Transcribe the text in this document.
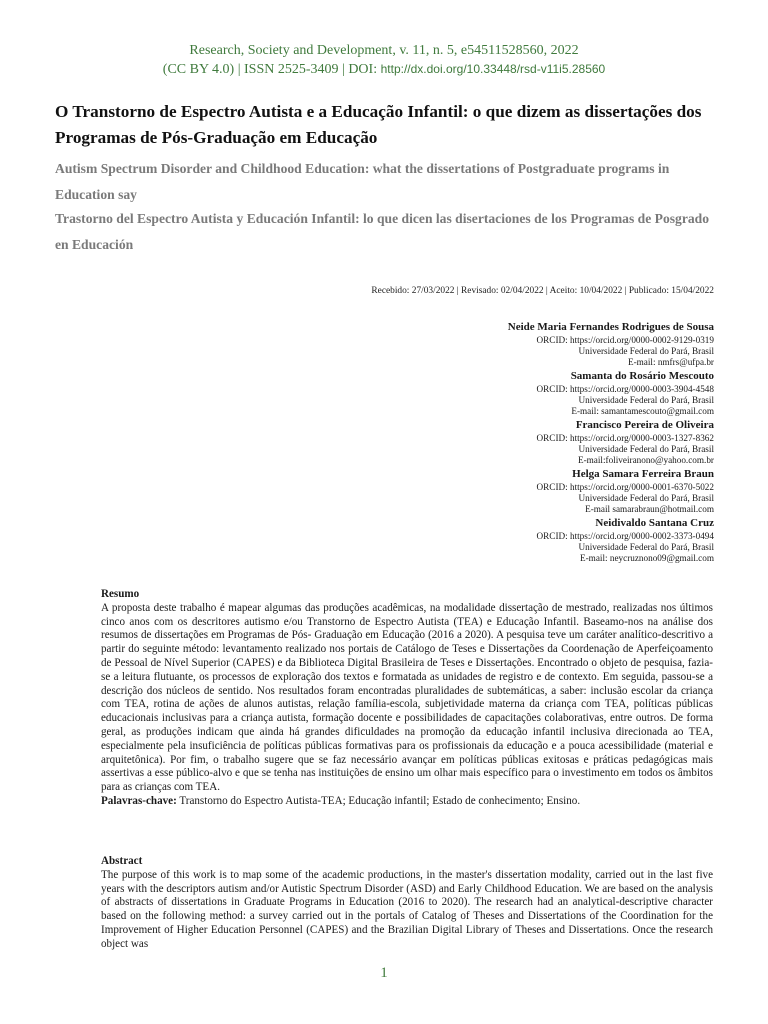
Research, Society and Development, v. 11, n. 5, e54511528560, 2022
(CC BY 4.0) | ISSN 2525-3409 | DOI: http://dx.doi.org/10.33448/rsd-v11i5.28560
O Transtorno de Espectro Autista e a Educação Infantil: o que dizem as dissertações dos Programas de Pós-Graduação em Educação
Autism Spectrum Disorder and Childhood Education: what the dissertations of Postgraduate programs in Education say
Trastorno del Espectro Autista y Educación Infantil: lo que dicen las disertaciones de los Programas de Posgrado en Educación
Recebido: 27/03/2022 | Revisado: 02/04/2022 | Aceito: 10/04/2022 | Publicado: 15/04/2022
Neide Maria Fernandes Rodrigues de Sousa
ORCID: https://orcid.org/0000-0002-9129-0319
Universidade Federal do Pará, Brasil
E-mail: nmfrs@ufpa.br
Samanta do Rosário Mescouto
ORCID: https://orcid.org/0000-0003-3904-4548
Universidade Federal do Pará, Brasil
E-mail: samantamescouto@gmail.com
Francisco Pereira de Oliveira
ORCID: https://orcid.org/0000-0003-1327-8362
Universidade Federal do Pará, Brasil
E-mail:foliveiranono@yahoo.com.br
Helga Samara Ferreira Braun
ORCID: https://orcid.org/0000-0001-6370-5022
Universidade Federal do Pará, Brasil
E-mail samarabraun@hotmail.com
Neidivaldo Santana Cruz
ORCID: https://orcid.org/0000-0002-3373-0494
Universidade Federal do Pará, Brasil
E-mail: neycruznono09@gmail.com
Resumo
A proposta deste trabalho é mapear algumas das produções acadêmicas, na modalidade dissertação de mestrado, realizadas nos últimos cinco anos com os descritores autismo e/ou Transtorno de Espectro Autista (TEA) e Educação Infantil. Baseamo-nos na análise dos resumos de dissertações em Programas de Pós- Graduação em Educação (2016 a 2020). A pesquisa teve um caráter analítico-descritivo a partir do seguinte método: levantamento realizado nos portais de Catálogo de Teses e Dissertações da Coordenação de Aperfeiçoamento de Pessoal de Nível Superior (CAPES) e da Biblioteca Digital Brasileira de Teses e Dissertações. Encontrado o objeto de pesquisa, fazia-se a leitura flutuante, os processos de exploração dos textos e formatada as unidades de registro e de contexto. Em seguida, passou-se a descrição dos núcleos de sentido. Nos resultados foram encontradas pluralidades de subtemáticas, a saber: inclusão escolar da criança com TEA, rotina de ações de alunos autistas, relação família-escola, subjetividade materna da criança com TEA, políticas públicas educacionais inclusivas para a criança autista, formação docente e possibilidades de capacitações colaborativas, entre outros. De forma geral, as produções indicam que ainda há grandes dificuldades na promoção da educação infantil inclusiva direcionada ao TEA, especialmente pela insuficiência de políticas públicas formativas para os profissionais da educação e a pouca acessibilidade (material e arquitetônica). Por fim, o trabalho sugere que se faz necessário avançar em políticas públicas exitosas e práticas pedagógicas mais assertivas a esse público-alvo e que se tenha nas instituições de ensino um olhar mais específico para o investimento em todos os âmbitos para as crianças com TEA.
Palavras-chave: Transtorno do Espectro Autista-TEA; Educação infantil; Estado de conhecimento; Ensino.
Abstract
The purpose of this work is to map some of the academic productions, in the master's dissertation modality, carried out in the last five years with the descriptors autism and/or Autistic Spectrum Disorder (ASD) and Early Childhood Education. We are based on the analysis of abstracts of dissertations in Graduate Programs in Education (2016 to 2020). The research had an analytical-descriptive character based on the following method: a survey carried out in the portals of Catalog of Theses and Dissertations of the Coordination for the Improvement of Higher Education Personnel (CAPES) and the Brazilian Digital Library of Theses and Dissertations. Once the research object was
1
